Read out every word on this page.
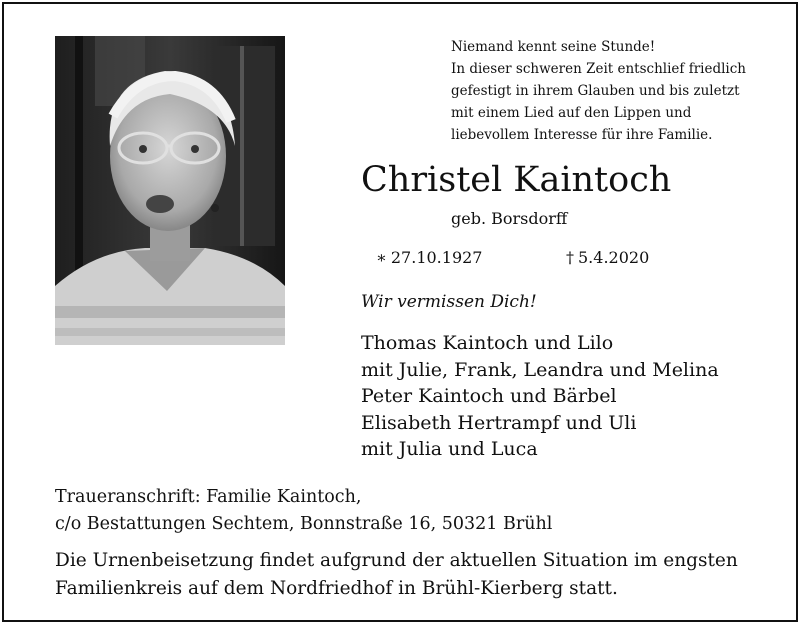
Niemand kennt seine Stunde!
In dieser schweren Zeit entschlief friedlich
gefestigt in ihrem Glauben und bis zuletzt
mit einem Lied auf den Lippen und
liebevollem Interesse für ihre Familie.
Christel Kaintoch
geb. Borsdorff
∗ 27.10.1927	† 5.4.2020
Wir vermissen Dich!
Thomas Kaintoch und Lilo
mit Julie, Frank, Leandra und Melina
Peter Kaintoch und Bärbel
Elisabeth Hertrampf und Uli
mit Julia und Luca
Traueranschrift: Familie Kaintoch,
c/o Bestattungen Sechtem, Bonnstraße 16, 50321 Brühl
Die Urnenbeisetzung findet aufgrund der aktuellen Situation im engsten Familienkreis auf dem Nordfriedhof in Brühl-Kierberg statt.
